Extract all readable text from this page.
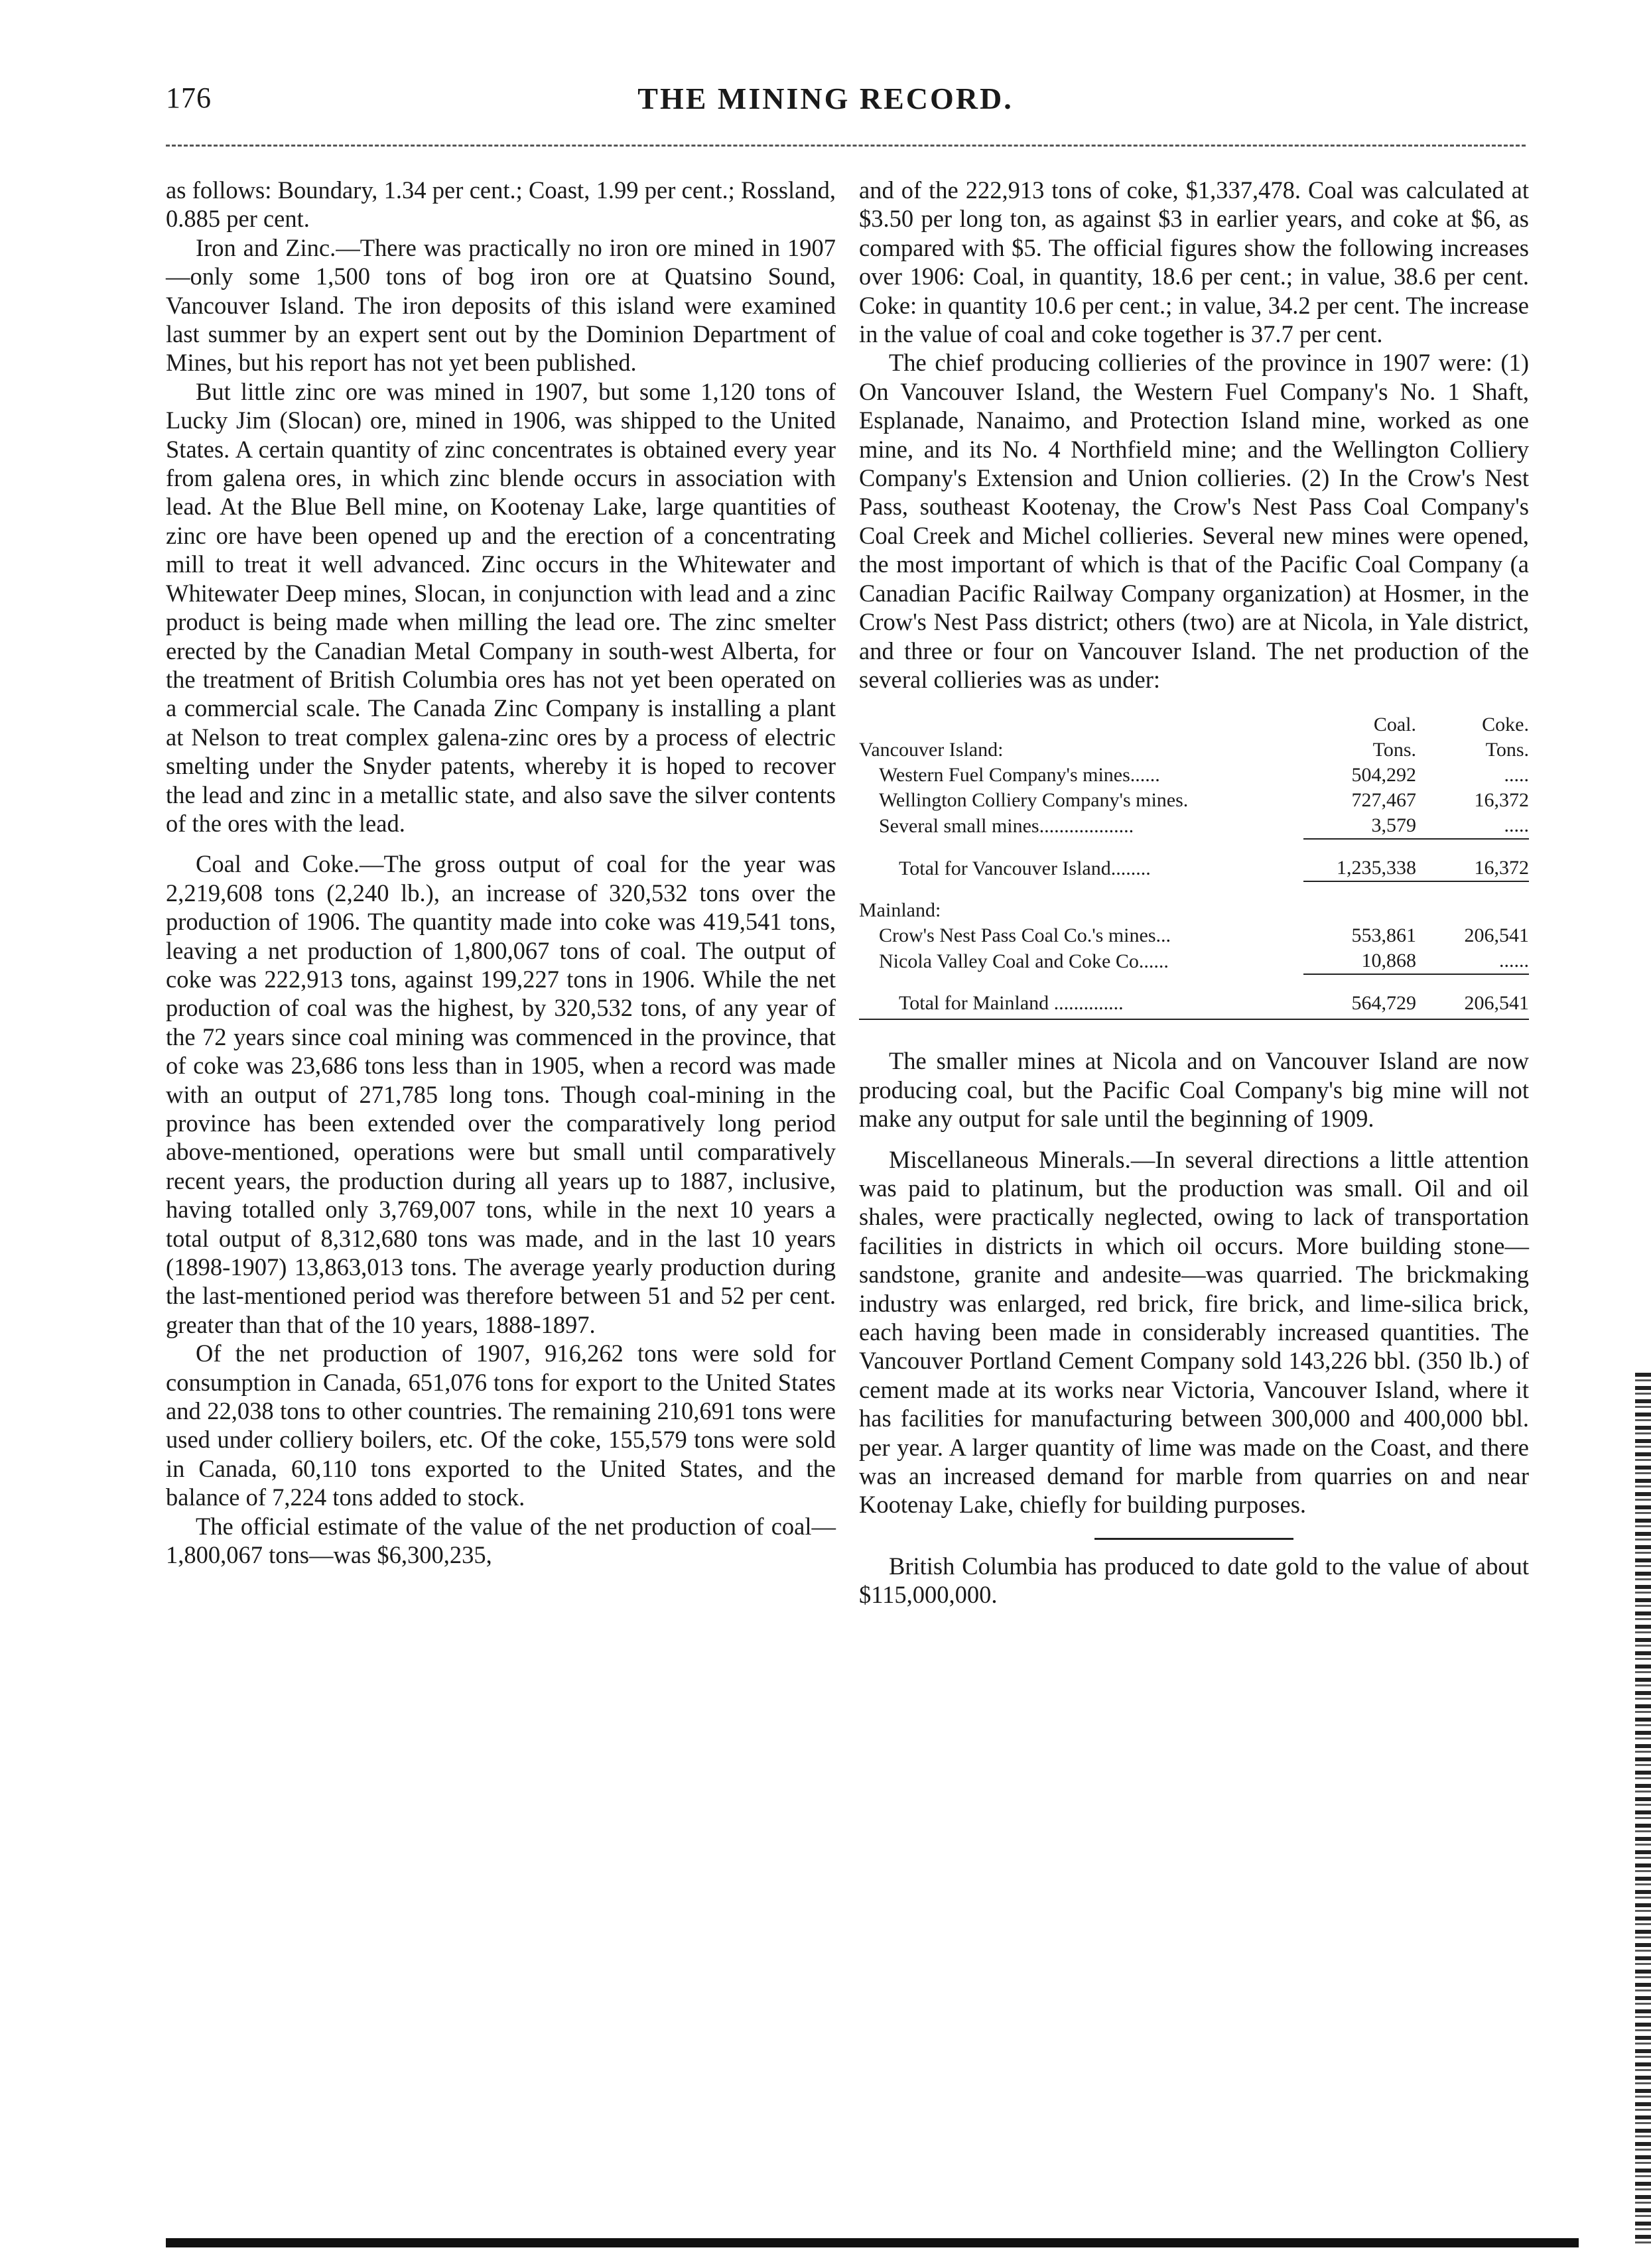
176	THE MINING RECORD.

as follows: Boundary, 1.34 per cent.; Coast, 1.99 per cent.; Rossland, 0.885 per cent.

Iron and Zinc.—There was practically no iron ore mined in 1907—only some 1,500 tons of bog iron ore at Quatsino Sound, Vancouver Island. The iron deposits of this island were examined last summer by an expert sent out by the Dominion Department of Mines, but his report has not yet been published.

But little zinc ore was mined in 1907, but some 1,120 tons of Lucky Jim (Slocan) ore, mined in 1906, was shipped to the United States. A certain quantity of zinc concentrates is obtained every year from galena ores, in which zinc blende occurs in association with lead. At the Blue Bell mine, on Kootenay Lake, large quantities of zinc ore have been opened up and the erection of a concentrating mill to treat it well advanced. Zinc occurs in the Whitewater and Whitewater Deep mines, Slocan, in conjunction with lead and a zinc product is being made when milling the lead ore. The zinc smelter erected by the Canadian Metal Company in south-west Alberta, for the treatment of British Columbia ores has not yet been operated on a commercial scale. The Canada Zinc Company is installing a plant at Nelson to treat complex galena-zinc ores by a process of electric smelting under the Snyder patents, whereby it is hoped to recover the lead and zinc in a metallic state, and also save the silver contents of the ores with the lead.

Coal and Coke.—The gross output of coal for the year was 2,219,608 tons (2,240 lb.), an increase of 320,532 tons over the production of 1906. The quantity made into coke was 419,541 tons, leaving a net production of 1,800,067 tons of coal. The output of coke was 222,913 tons, against 199,227 tons in 1906. While the net production of coal was the highest, by 320,532 tons, of any year of the 72 years since coal mining was commenced in the province, that of coke was 23,686 tons less than in 1905, when a record was made with an output of 271,785 long tons. Though coal-mining in the province has been extended over the comparatively long period above-mentioned, operations were but small until comparatively recent years, the production during all years up to 1887, inclusive, having totalled only 3,769,007 tons, while in the next 10 years a total output of 8,312,680 tons was made, and in the last 10 years (1898-1907) 13,863,013 tons. The average yearly production during the last-mentioned period was therefore between 51 and 52 per cent. greater than that of the 10 years, 1888-1897.

Of the net production of 1907, 916,262 tons were sold for consumption in Canada, 651,076 tons for export to the United States and 22,038 tons to other countries. The remaining 210,691 tons were used under colliery boilers, etc. Of the coke, 155,579 tons were sold in Canada, 60,110 tons exported to the United States, and the balance of 7,224 tons added to stock.

The official estimate of the value of the net production of coal—1,800,067 tons—was $6,300,235,

and of the 222,913 tons of coke, $1,337,478. Coal was calculated at $3.50 per long ton, as against $3 in earlier years, and coke at $6, as compared with $5. The official figures show the following increases over 1906: Coal, in quantity, 18.6 per cent.; in value, 38.6 per cent. Coke: in quantity 10.6 per cent.; in value, 34.2 per cent. The increase in the value of coal and coke together is 37.7 per cent.

The chief producing collieries of the province in 1907 were: (1) On Vancouver Island, the Western Fuel Company's No. 1 Shaft, Esplanade, Nanaimo, and Protection Island mine, worked as one mine, and its No. 4 Northfield mine; and the Wellington Colliery Company's Extension and Union collieries. (2) In the Crow's Nest Pass, southeast Kootenay, the Crow's Nest Pass Coal Company's Coal Creek and Michel collieries. Several new mines were opened, the most important of which is that of the Pacific Coal Company (a Canadian Pacific Railway Company organization) at Hosmer, in the Crow's Nest Pass district; others (two) are at Nicola, in Yale district, and three or four on Vancouver Island. The net production of the several collieries was as under:

	Coal.	Coke.
Vancouver Island:	Tons.	Tons.
Western Fuel Company's mines......	504,292	.....
Wellington Colliery Company's mines.	727,467	16,372
Several small mines...................	3,579	.....

Total for Vancouver Island........	1,235,338	16,372

Mainland:		
Crow's Nest Pass Coal Co.'s mines...	553,861	206,541
Nicola Valley Coal and Coke Co......	10,868	......

Total for Mainland ..............	564,729	206,541

The smaller mines at Nicola and on Vancouver Island are now producing coal, but the Pacific Coal Company's big mine will not make any output for sale until the beginning of 1909.

Miscellaneous Minerals.—In several directions a little attention was paid to platinum, but the production was small. Oil and oil shales, were practically neglected, owing to lack of transportation facilities in districts in which oil occurs. More building stone—sandstone, granite and andesite—was quarried. The brickmaking industry was enlarged, red brick, fire brick, and lime-silica brick, each having been made in considerably increased quantities. The Vancouver Portland Cement Company sold 143,226 bbl. (350 lb.) of cement made at its works near Victoria, Vancouver Island, where it has facilities for manufacturing between 300,000 and 400,000 bbl. per year. A larger quantity of lime was made on the Coast, and there was an increased demand for marble from quarries on and near Kootenay Lake, chiefly for building purposes.

British Columbia has produced to date gold to the value of about $115,000,000.
